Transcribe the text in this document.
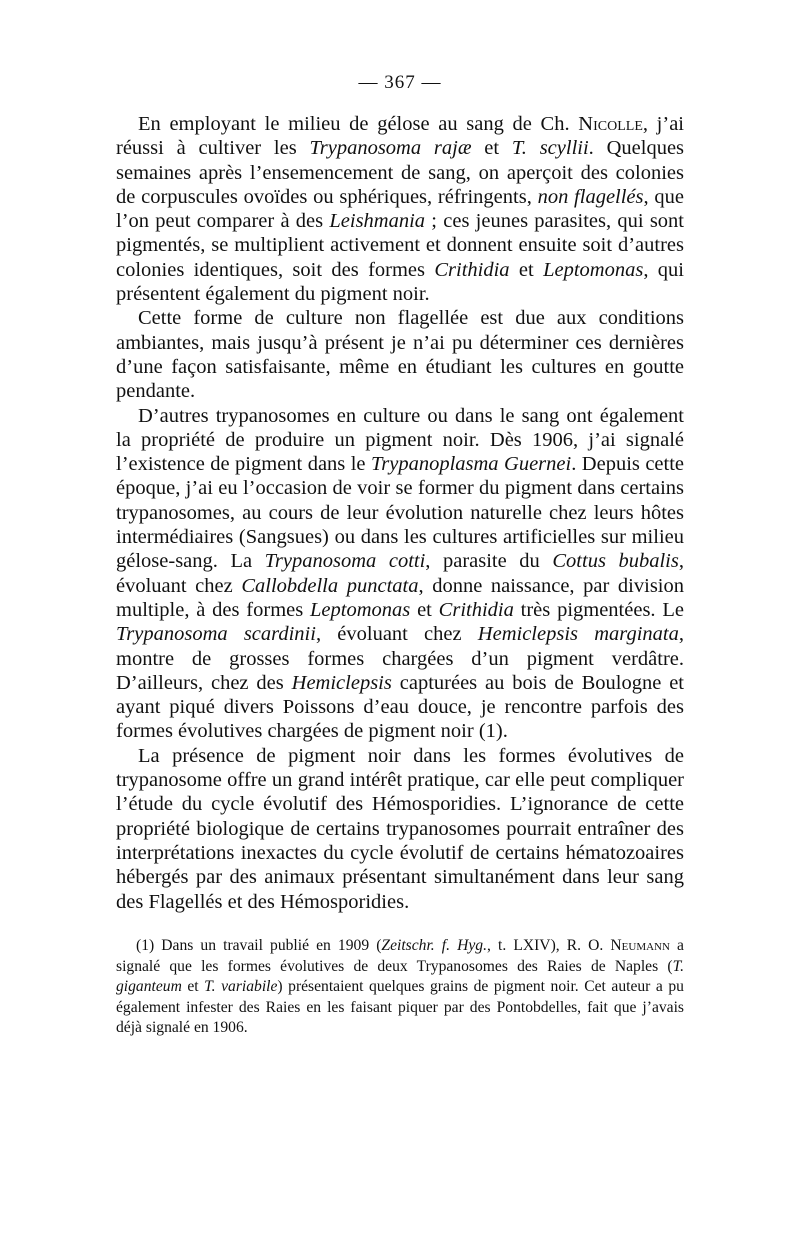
— 367 —

En employant le milieu de gélose au sang de Ch. Nicolle, j’ai réussi à cultiver les Trypanosoma rajæ et T. scyllii. Quelques semaines après l’ensemencement de sang, on aperçoit des colonies de corpuscules ovoïdes ou sphériques, réfringents, non flagellés, que l’on peut comparer à des Leishmania ; ces jeunes parasites, qui sont pigmentés, se multiplient activement et donnent ensuite soit d’autres colonies identiques, soit des formes Crithidia et Leptomonas, qui présentent également du pigment noir.

Cette forme de culture non flagellée est due aux conditions ambiantes, mais jusqu’à présent je n’ai pu déterminer ces dernières d’une façon satisfaisante, même en étudiant les cultures en goutte pendante.

D’autres trypanosomes en culture ou dans le sang ont également la propriété de produire un pigment noir. Dès 1906, j’ai signalé l’existence de pigment dans le Trypanoplasma Guernei. Depuis cette époque, j’ai eu l’occasion de voir se former du pigment dans certains trypanosomes, au cours de leur évolution naturelle chez leurs hôtes intermédiaires (Sangsues) ou dans les cultures artificielles sur milieu gélose-sang. La Trypanosoma cotti, parasite du Cottus bubalis, évoluant chez Callobdella punctata, donne naissance, par division multiple, à des formes Leptomonas et Crithidia très pigmentées. Le Trypanosoma scardinii, évoluant chez Hemiclepsis marginata, montre de grosses formes chargées d’un pigment verdâtre. D’ailleurs, chez des Hemiclepsis capturées au bois de Boulogne et ayant piqué divers Poissons d’eau douce, je rencontre parfois des formes évolutives chargées de pigment noir (1).

La présence de pigment noir dans les formes évolutives de trypanosome offre un grand intérêt pratique, car elle peut compliquer l’étude du cycle évolutif des Hémosporidies. L’ignorance de cette propriété biologique de certains trypanosomes pourrait entraîner des interprétations inexactes du cycle évolutif de certains hématozoaires hébergés par des animaux présentant simultanément dans leur sang des Flagellés et des Hémosporidies.

(1) Dans un travail publié en 1909 (Zeitschr. f. Hyg., t. LXIV), R. O. Neumann a signalé que les formes évolutives de deux Trypanosomes des Raies de Naples (T. giganteum et T. variabile) présentaient quelques grains de pigment noir. Cet auteur a pu également infester des Raies en les faisant piquer par des Pontobdelles, fait que j’avais déjà signalé en 1906.
